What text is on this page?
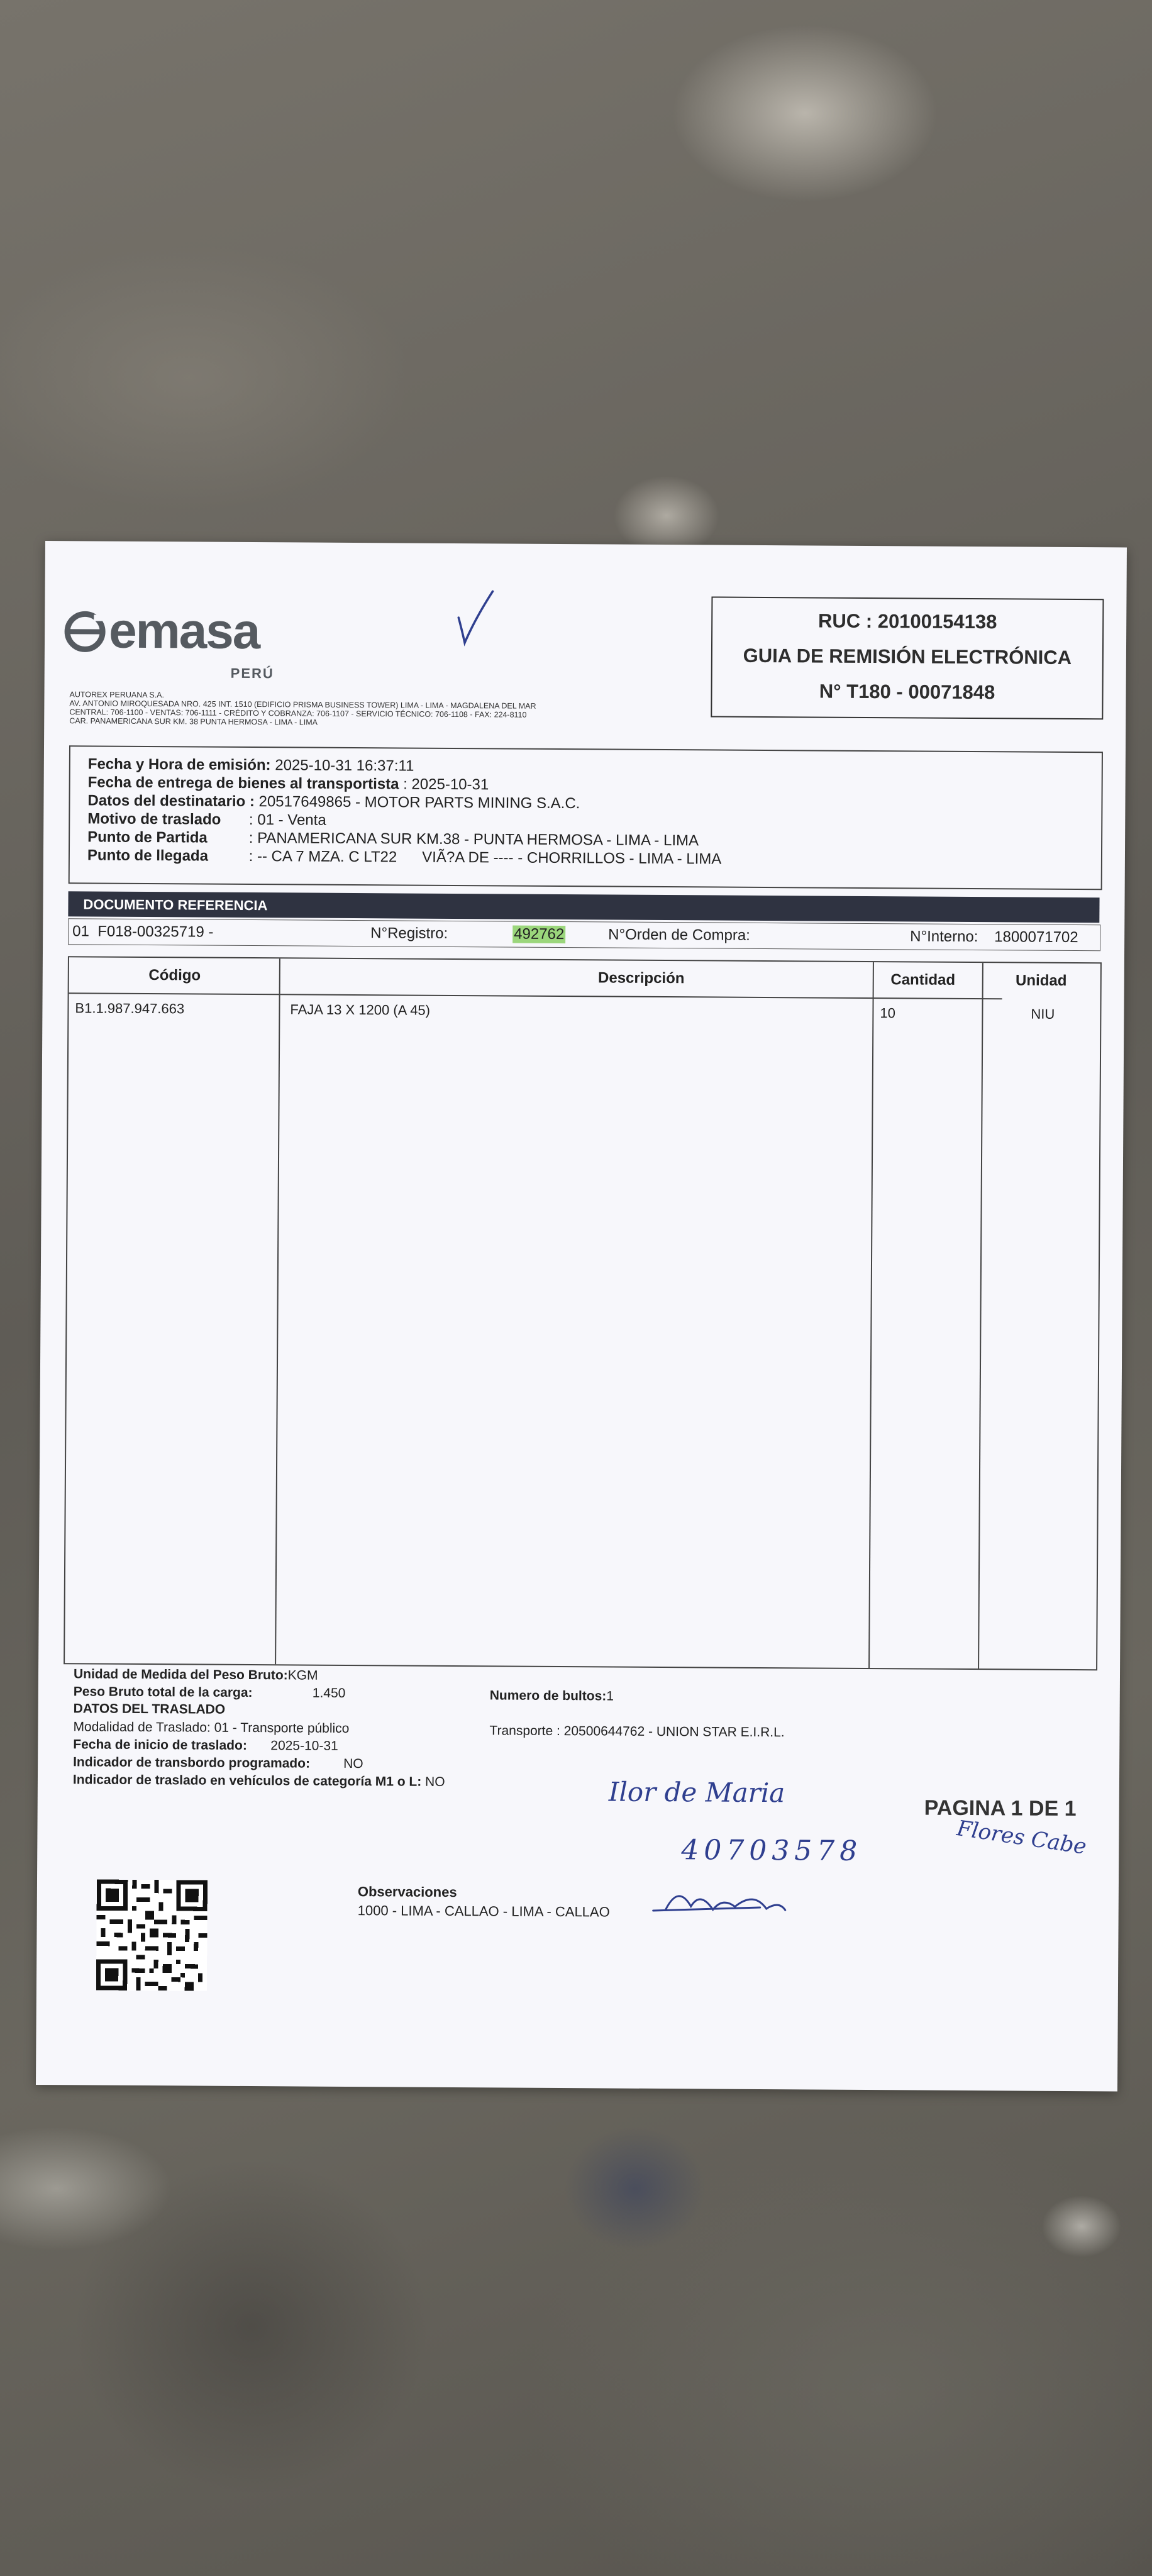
emasa
PERÚ
AUTOREX PERUANA S.A.
AV. ANTONIO MIROQUESADA NRO. 425 INT. 1510 (EDIFICIO PRISMA BUSINESS TOWER) LIMA - LIMA - MAGDALENA DEL MAR
CENTRAL: 706-1100 - VENTAS: 706-1111 - CRÉDITO Y COBRANZA: 706-1107 - SERVICIO TÉCNICO: 706-1108 - FAX: 224-8110
CAR. PANAMERICANA SUR KM. 38 PUNTA HERMOSA - LIMA - LIMA
RUC : 20100154138
GUIA DE REMISIÓN ELECTRÓNICA
N° T180 - 00071848
Fecha y Hora de emisión: 2025-10-31 16:37:11
Fecha de entrega de bienes al transportista : 2025-10-31
Datos del destinatario : 20517649865 - MOTOR PARTS MINING S.A.C.
Motivo de traslado : 01 - Venta
Punto de Partida	: PANAMERICANA SUR KM.38 - PUNTA HERMOSA - LIMA - LIMA
Punto de llegada	: -- CA 7 MZA. C LT22      VIÃ?A DE ---- - CHORRILLOS - LIMA - LIMA
DOCUMENTO REFERENCIA
01  F018-00325719 -	N°Registro:	492762	N°Orden de Compra:	N°Interno: 1800071702
Código	Descripción	Cantidad	Unidad
B1.1.987.947.663	FAJA 13 X 1200 (A 45)	10	NIU
Unidad de Medida del Peso Bruto:KGM
Peso Bruto total de la carga:	1.450	Numero de bultos:1
DATOS DEL TRASLADO
Modalidad de Traslado: 01 - Transporte público	Transporte : 20500644762 - UNION STAR E.I.R.L.
Fecha de inicio de traslado: 2025-10-31
Indicador de transbordo programado:	NO
Indicador de traslado en vehículos de categoría M1 o L: NO
PAGINA 1 DE 1
Observaciones
1000 - LIMA - CALLAO - LIMA - CALLAO
Ilor de Maria
Flores Cabe
40703578
